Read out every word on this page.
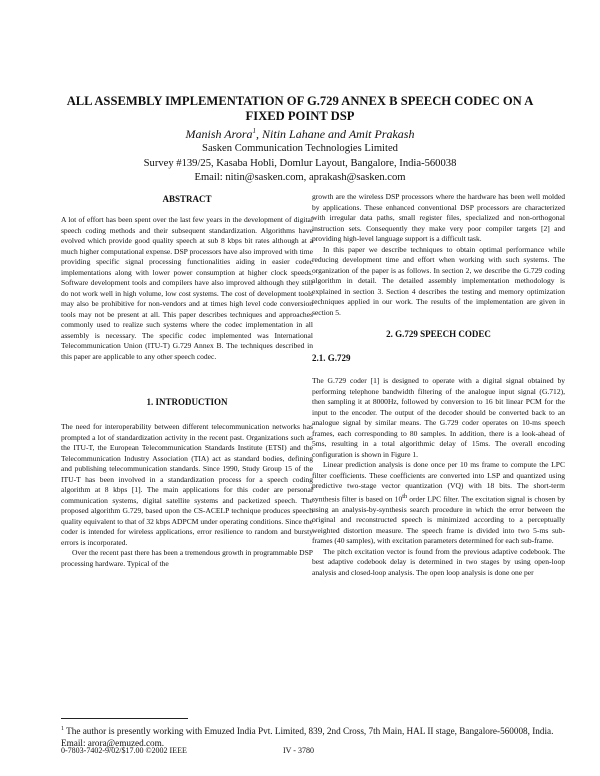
ALL ASSEMBLY IMPLEMENTATION OF G.729 ANNEX B SPEECH CODEC ON A FIXED POINT DSP
Manish Arora$^1$, Nitin Lahane and Amit Prakash
Sasken Communication Technologies Limited
Survey #139/25, Kasaba Hobli, Domlur Layout, Bangalore, India-560038
Email: nitin@sasken.com, aprakash@sasken.com
ABSTRACT

A lot of effort has been spent over the last few years in the development of digital speech coding methods and their subsequent standardization. Algorithms have evolved which provide good quality speech at sub 8 kbps bit rates although at a much higher computational expense. DSP processors have also improved with time providing specific signal processing functionalities aiding in easier codec implementations along with lower power consumption at higher clock speeds. Software development tools and compilers have also improved although they still do not work well in high volume, low cost systems. The cost of development tools may also be prohibitive for non-vendors and at times high level code conversion tools may not be present at all. This paper describes techniques and approaches commonly used to realize such systems where the codec implementation in all assembly is necessary. The specific codec implemented was International Telecommunication Union (ITU-T) G.729 Annex B. The techniques described in this paper are applicable to any other speech codec.

1. INTRODUCTION

The need for interoperability between different telecommunication networks has prompted a lot of standardization activity in the recent past. Organizations such as the ITU-T, the European Telecommunication Standards Institute (ETSI) and the Telecommunication Industry Association (TIA) act as standard bodies, defining and publishing telecommunication standards. Since 1990, Study Group 15 of the ITU-T has been involved in a standardization process for a speech coding algorithm at 8 kbps [1]. The main applications for this coder are personal communication systems, digital satellite systems and packetized speech. The proposed algorithm G.729, based upon the CS-ACELP technique produces speech quality equivalent to that of 32 kbps ADPCM under operating conditions. Since the coder is intended for wireless applications, error resilience to random and bursty errors is incorporated.

Over the recent past there has been a tremendous growth in programmable DSP processing hardware. Typical of the

growth are the wireless DSP processors where the hardware has been well molded by applications. These enhanced conventional DSP processors are characterized with irregular data paths, small register files, specialized and non-orthogonal instruction sets. Consequently they make very poor compiler targets [2] and providing high-level language support is a difficult task.

In this paper we describe techniques to obtain optimal performance while reducing development time and effort when working with such systems. The organization of the paper is as follows. In section 2, we describe the G.729 coding algorithm in detail. The detailed assembly implementation methodology is explained in section 3. Section 4 describes the testing and memory optimization techniques applied in our work. The results of the implementation are given in section 5.

2. G.729 SPEECH CODEC
2.1. G.729

The G.729 coder [1] is designed to operate with a digital signal obtained by performing telephone bandwidth filtering of the analogue input signal (G.712), then sampling it at 8000Hz, followed by conversion to 16 bit linear PCM for the input to the encoder. The output of the decoder should be converted back to an analogue signal by similar means. The G.729 coder operates on 10-ms speech frames, each corresponding to 80 samples. In addition, there is a look-ahead of 5ms, resulting in a total algorithmic delay of 15ms. The overall encoding configuration is shown in Figure 1.

Linear prediction analysis is done once per 10 ms frame to compute the LPC filter coefficients. These coefficients are converted into LSP and quantized using predictive two-stage vector quantization (VQ) with 18 bits. The short-term synthesis filter is based on 10th order LPC filter. The excitation signal is chosen by using an analysis-by-synthesis search procedure in which the error between the original and reconstructed speech is minimized according to a perceptually weighted distortion measure. The speech frame is divided into two 5-ms sub-frames (40 samples), with excitation parameters determined for each sub-frame.

The pitch excitation vector is found from the previous adaptive codebook. The best adaptive codebook delay is determined in two stages by using open-loop analysis and closed-loop analysis. The open loop analysis is done one per

$^1$ The author is presently working with Emuzed India Pvt. Limited, 839, 2nd Cross, 7th Main, HAL II stage, Bangalore-560008, India. Email: arora@emuzed.com.
0-7803-7402-9/02/$17.00 ©2002 IEEE	IV - 3780
